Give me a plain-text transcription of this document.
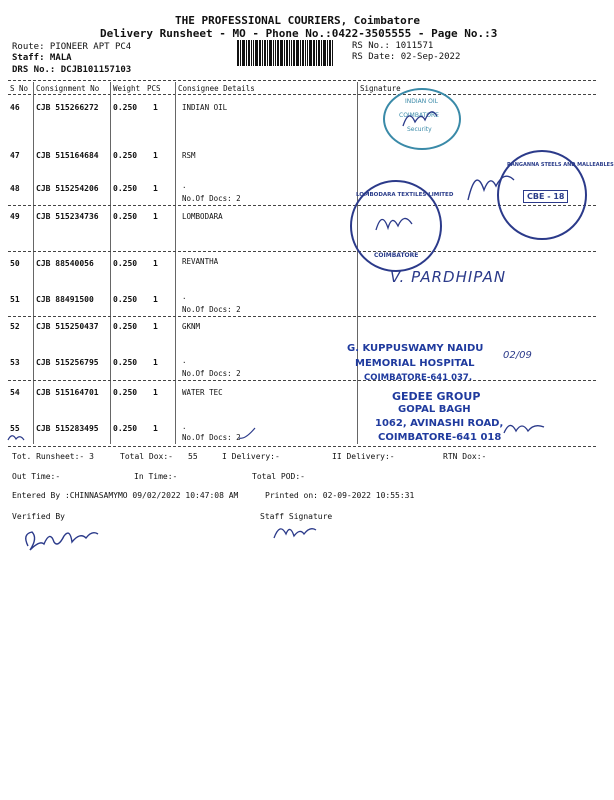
THE PROFESSIONAL COURIERS, Coimbatore
Delivery Runsheet - MO - Phone No.:0422-3505555 - Page No.:3
Route: PIONEER APT PC4
Staff: MALA
DRS No.: DCJB101157103
RS No.: 1011571
RS Date: 02-Sep-2022
S No Consignment No Weight PCS Consignee Details	Signature
46 CJB 515266272 0.250 1	INDIAN OIL
47 CJB 515164684 0.250 1	RSM
48 CJB 515254206 0.250 1	.
No.Of Docs: 2
49 CJB 515234736 0.250 1	LOMBODARA
50 CJB 88540056 0.250 1	REVANTHA
51 CJB 88491500 0.250 1	.
No.Of Docs: 2
52 CJB 515250437 0.250 1	GKNM
53 CJB 515256795 0.250 1	.
No.Of Docs: 2
54 CJB 515164701 0.250 1	WATER TEC
55 CJB 515283495 0.250 1	.
No.Of Docs: 2
Tot. Runsheet:- 3	Total Dox:- 55	I Delivery:-	II Delivery:-	RTN Dox:-
Out Time:-	In Time:-	Total POD:-
Entered By :CHINNASAMYMO 09/02/2022 10:47:08 AM	Printed on: 02-09-2022 10:55:31
Verified By	Staff Signature
INDIAN OIL
COIMBATORE
Security
LOMBODARA TEXTILES LIMITED
COIMBATORE
RANGANNA STEELS AND MALLEABLES
CBE - 18
V. PARDHIPAN
G. KUPPUSWAMY NAIDU
MEMORIAL HOSPITAL
COIMBATORE-641 037.
02/09
GEDEE GROUP
GOPAL BAGH
1062, AVINASHI ROAD,
COIMBATORE-641 018
